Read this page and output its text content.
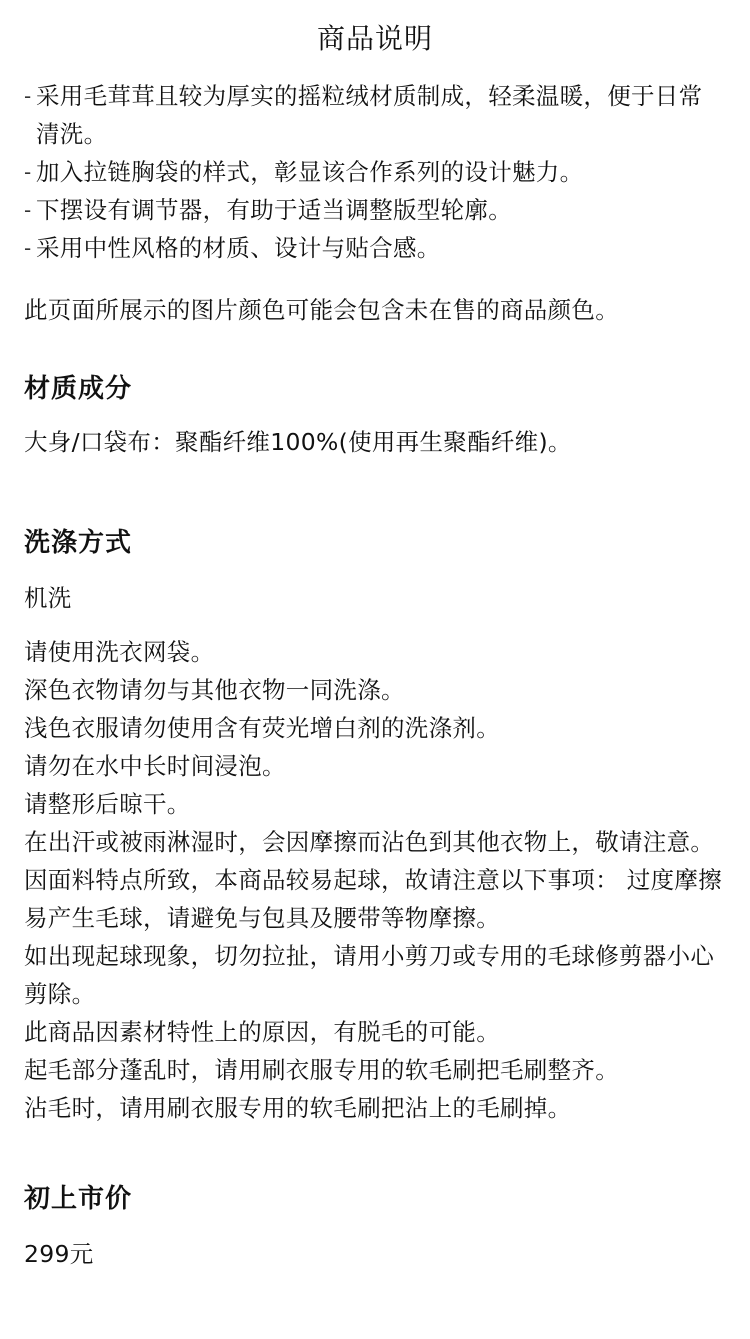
商品说明
- 采用毛茸茸且较为厚实的摇粒绒材质制成，轻柔温暖，便于日常清洗。
- 加入拉链胸袋的样式，彰显该合作系列的设计魅力。
- 下摆设有调节器，有助于适当调整版型轮廓。
- 采用中性风格的材质、设计与贴合感。

此页面所展示的图片颜色可能会包含未在售的商品颜色。

材质成分

大身/口袋布：聚酯纤维100%(使用再生聚酯纤维)。

洗涤方式

机洗

请使用洗衣网袋。
深色衣物请勿与其他衣物一同洗涤。
浅色衣服请勿使用含有荧光增白剂的洗涤剂。
请勿在水中长时间浸泡。
请整形后晾干。
在出汗或被雨淋湿时，会因摩擦而沾色到其他衣物上，敬请注意。
因面料特点所致，本商品较易起球，故请注意以下事项： 过度摩擦易产生毛球，请避免与包具及腰带等物摩擦。
如出现起球现象，切勿拉扯，请用小剪刀或专用的毛球修剪器小心剪除。
此商品因素材特性上的原因，有脱毛的可能。
起毛部分蓬乱时，请用刷衣服专用的软毛刷把毛刷整齐。
沾毛时，请用刷衣服专用的软毛刷把沾上的毛刷掉。
初上市价

299元
